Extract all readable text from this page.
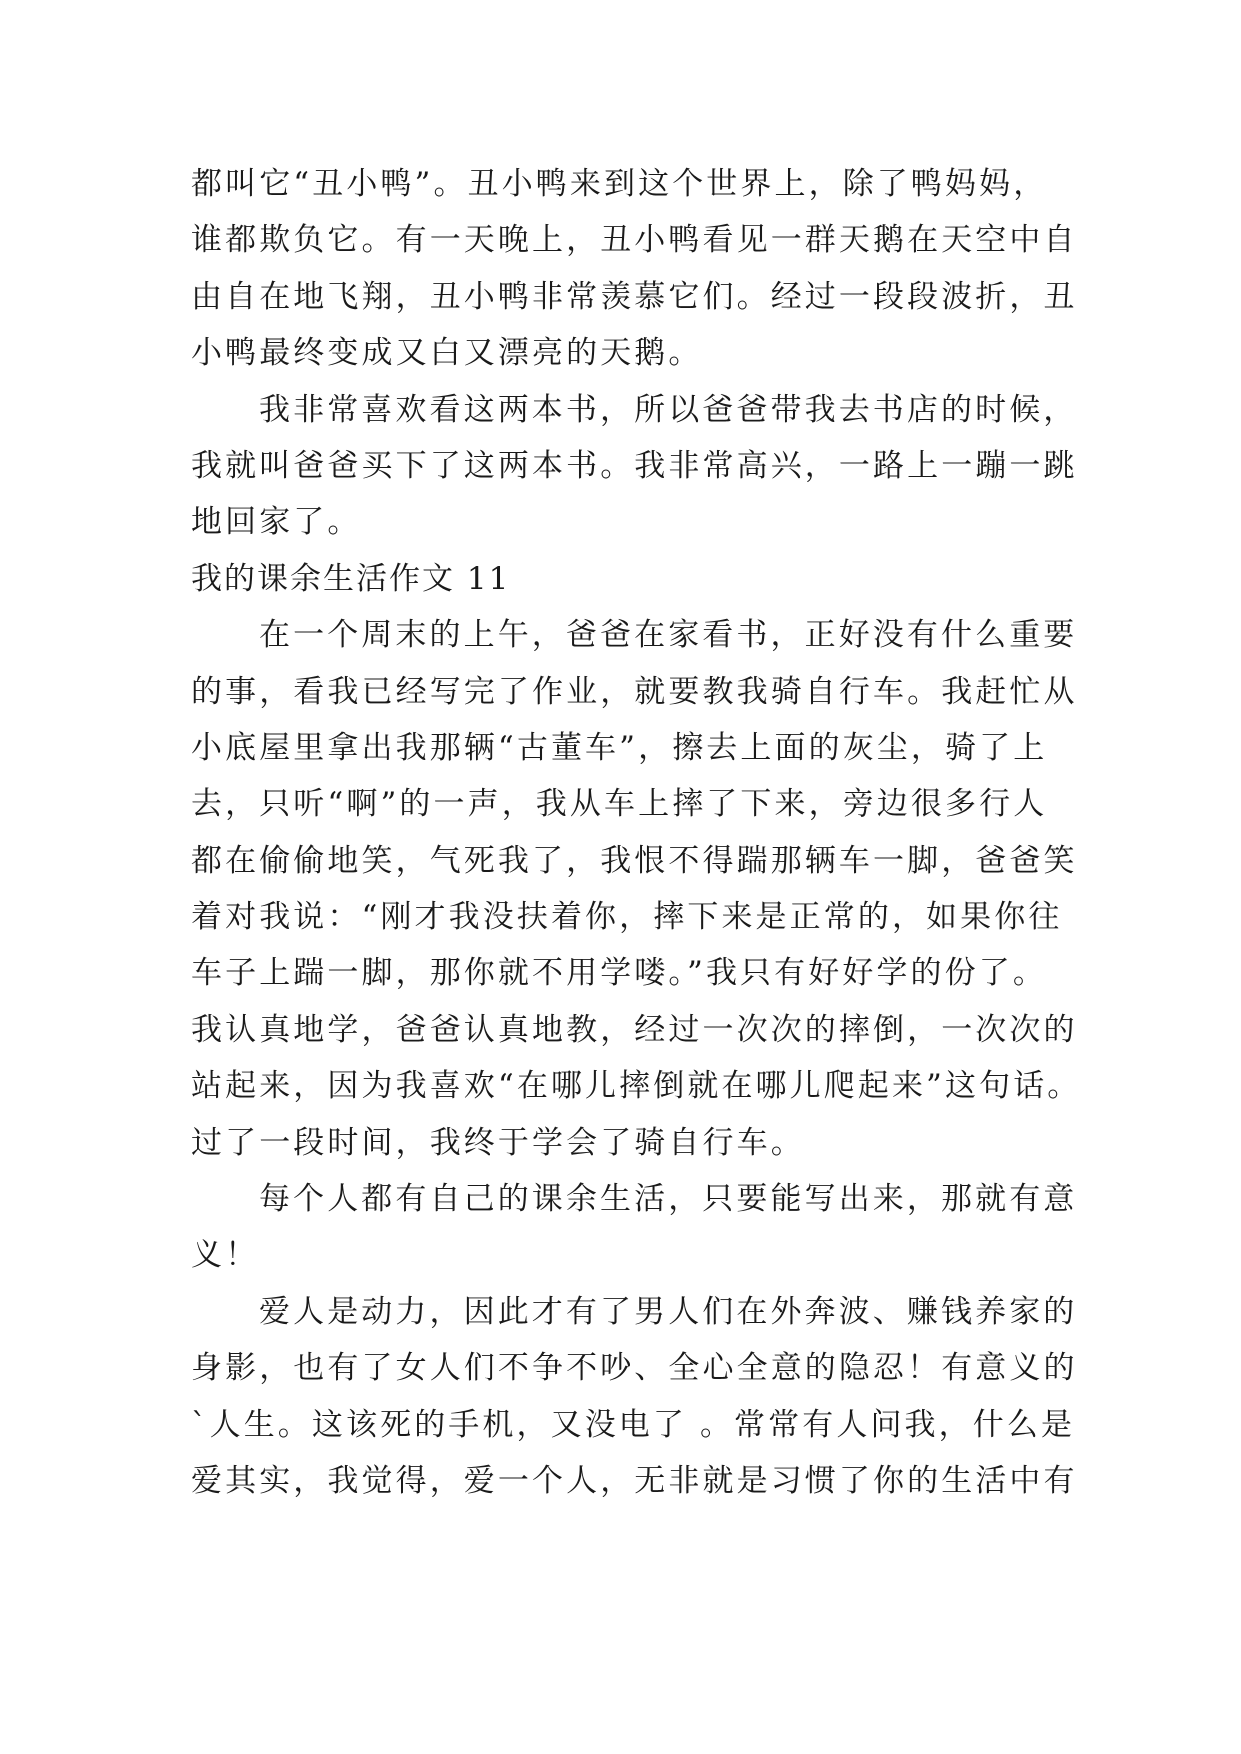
都叫它“丑小鸭”。丑小鸭来到这个世界上，除了鸭妈妈，
谁都欺负它。有一天晚上，丑小鸭看见一群天鹅在天空中自
由自在地飞翔，丑小鸭非常羡慕它们。经过一段段波折，丑
小鸭最终变成又白又漂亮的天鹅。
我非常喜欢看这两本书，所以爸爸带我去书店的时候，
我就叫爸爸买下了这两本书。我非常高兴，一路上一蹦一跳
地回家了。
我的课余生活作文 11
在一个周末的上午，爸爸在家看书，正好没有什么重要
的事，看我已经写完了作业，就要教我骑自行车。我赶忙从
小底屋里拿出我那辆“古董车”，擦去上面的灰尘，骑了上
去，只听“啊”的一声，我从车上摔了下来，旁边很多行人
都在偷偷地笑，气死我了，我恨不得踹那辆车一脚，爸爸笑
着对我说：“刚才我没扶着你，摔下来是正常的，如果你往
车子上踹一脚，那你就不用学喽。”我只有好好学的份了。
我认真地学，爸爸认真地教，经过一次次的摔倒，一次次的
站起来，因为我喜欢“在哪儿摔倒就在哪儿爬起来”这句话。
过了一段时间，我终于学会了骑自行车。
每个人都有自己的课余生活，只要能写出来，那就有意
义！
爱人是动力，因此才有了男人们在外奔波、赚钱养家的
身影，也有了女人们不争不吵、全心全意的隐忍！有意义的
`人生。这该死的手机，又没电了 。常常有人问我，什么是
爱其实，我觉得，爱一个人，无非就是习惯了你的生活中有
